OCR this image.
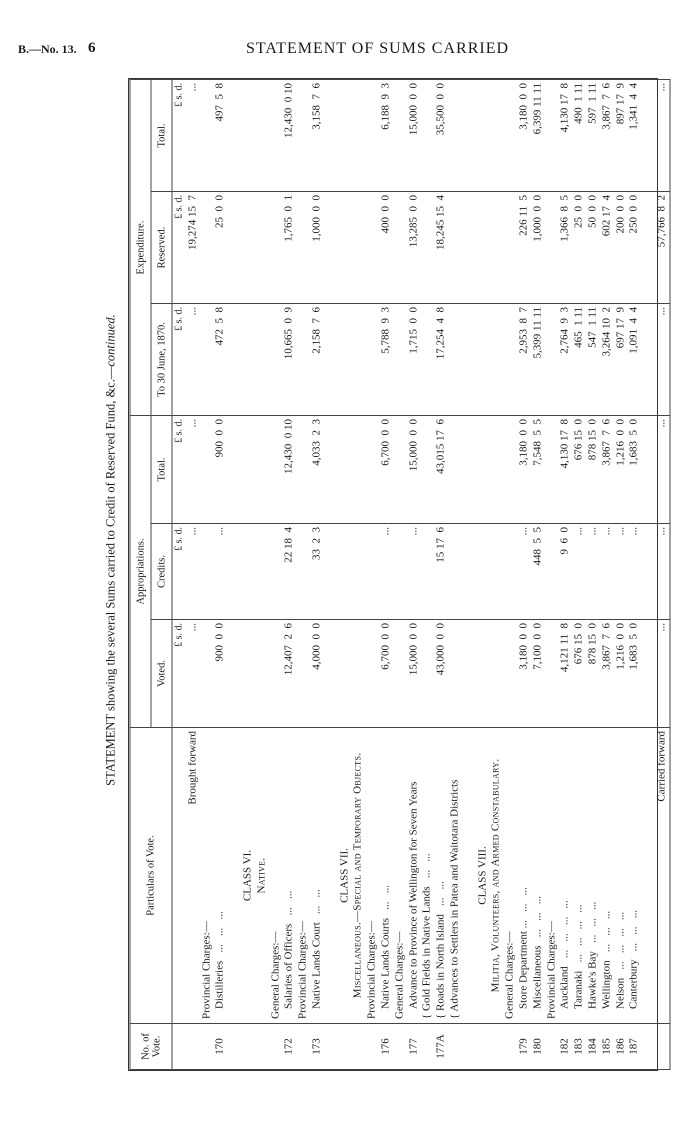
B.—No. 13. 6	STATEMENT OF SUMS CARRIED
STATEMENT showing the several Sums carried to Credit of Reserved Fund, &c.—continued.
No. of Vote.	Particulars of Vote.	Appropriations.			Expenditure.		
		Voted.	Credits.	Total.	To 30 June, 1870.	Reserved.	Total.
		£ s. d.	£ s. d.	£ s. d.	£ s. d.	£ s. d.	£ s. d.
	Brought forward	...	...	...	...	19,274 15  7	...
	Provincial Charges:—						
170	Distilleries   ...   ...   ...	900  0  0	...	900  0  0	472  5  8	25  0  0	497  5  8

	CLASS VI.						
	Native.						
	General Charges:—						
172	Salaries of Officers   ...   ...	12,407  2  6	22 18  4	12,430  0 10	10,665  0  9	1,765  0  1	12,430  0 10
	Provincial Charges:—						
173	Native Lands Court   ...   ...	4,000  0  0	33  2  3	4,033  2  3	2,158  7  6	1,000  0  0	3,158  7  6

	CLASS VII.						
	Miscellaneous.—Special and Temporary Objects.						
	Provincial Charges:—						
176	Native Lands Courts   ...   ...	6,700  0  0	...	6,700  0  0	5,788  9  3	400  0  0	6,188  9  3
	General Charges:—						
177	Advance to Province of Wellington for Seven Years	15,000  0  0	...	15,000  0  0	1,715  0  0	13,285  0  0	15,000  0  0
	{ Gold Fields in Native Lands   ...   ...						
177A	{ Roads in North Island   ...   ...	43,000  0  0	15 17  6	43,015 17  6	17,254  4  8	18,245 15  4	35,500  0  0
	{ Advances to Settlers in Patea and Waitotara Districts						

	CLASS VIII.						
	Militia, Volunteers, and Armed Constabulary.						
	General Charges:—						
179	Store Department ...   ...   ...	3,180  0  0	...	3,180  0  0	2,953  8  7	226 11  5	3,180  0  0
180	Miscellaneous   ...   ...   ...	7,100  0  0	448  5  5	7,548  5  5	5,399 11 11	1,000  0  0	6,399 11 11
	Provincial Charges:—						
182	Auckland   ...   ...   ...   ...	4,121 11  8	9  6  0	4,130 17  8	2,764  9  3	1,366  8  5	4,130 17  8
183	Taranaki   ...   ...   ...   ...	676 15  0	...	676 15  0	465  1 11	25  0  0	490  1 11
184	Hawke's Bay   ...   ...   ...	878 15  0	...	878 15  0	547  1 11	50  0  0	597  1 11
185	Wellington   ...   ...   ...	3,867  7  6	...	3,867  7  6	3,264 10  2	602 17  4	3,867  7  6
186	Nelson   ...   ...   ...   ...	1,216  0  0	...	1,216  0  0	697 17  9	200  0  0	897 17  9
187	Canterbury   ...   ...   ...	1,683  5  0	...	1,683  5  0	1,091  4  4	250  0  0	1,341  4  4

	Carried forward	...	...	...	...	57,766  8  2	...
